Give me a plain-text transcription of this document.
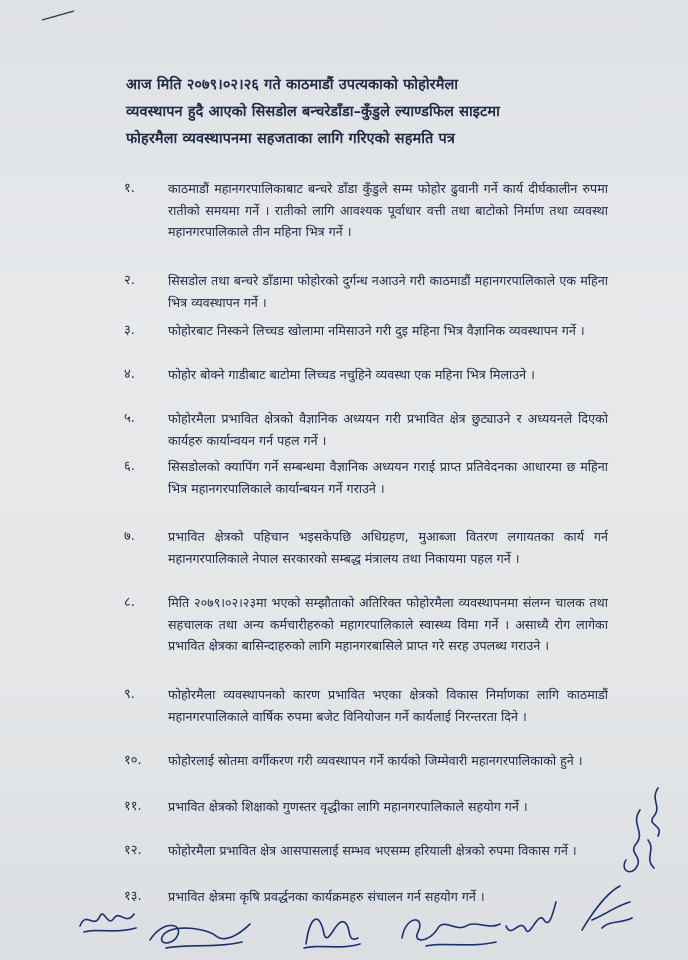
आज मिति २०७९।०२।२६ गते काठमाडौं उपत्यकाको फोहोरमैला
व्यवस्थापन हुदै आएको सिसडोल बन्चरेडाँडा–कुँडुले ल्याण्डफिल साइटमा
फोहरमैला व्यवस्थापनमा सहजताका लागि गरिएको सहमति पत्र
१.	काठमाडौं महानगरपालिकाबाट बन्चरे डाँडा कुँडुले सम्म फोहोर ढुवानी गर्ने कार्य दीर्घकालीन रुपमा रातीको समयमा गर्ने । रातीको लागि आवश्यक पूर्वाधार वत्ती तथा बाटोको निर्माण तथा व्यवस्था महानगरपालिकाले तीन महिना भित्र गर्ने ।
२.	सिसडोल तथा बन्चरे डाँडामा फोहोरको दुर्गन्ध नआउने गरी काठमाडौं महानगरपालिकाले एक महिना भित्र व्यवस्थापन गर्ने ।
३.	फोहोरबाट निस्कने लिच्चड खोलामा नमिसाउने गरी दुइ महिना भित्र वैज्ञानिक व्यवस्थापन गर्ने ।
४.	फोहोर बोक्ने गाडीबाट बाटोमा लिच्चड नचुहिने व्यवस्था एक महिना भित्र मिलाउने ।
५.	फोहोरमैला प्रभावित क्षेत्रको वैज्ञानिक अध्ययन गरी प्रभावित क्षेत्र छुट्याउने र अध्ययनले दिएको कार्यहरु कार्यान्वयन गर्न पहल गर्ने ।
६.	सिसडोलको क्यापिंग गर्ने सम्बन्धमा वैज्ञानिक अध्ययन गराई प्राप्त प्रतिवेदनका आधारमा छ महिना भित्र महानगरपालिकाले कार्यान्बयन गर्ने गराउने ।
७.	प्रभावित क्षेत्रको पहिचान भइसकेपछि अधिग्रहण, मुआब्जा वितरण लगायतका कार्य गर्न महानगरपालिकाले नेपाल सरकारको सम्बद्ध मंत्रालय तथा निकायमा पहल गर्ने ।
८.	मिति २०७९।०२।२३मा भएको सम्झौताको अतिरिक्त फोहोरमैला व्यवस्थापनमा संलग्न चालक तथा सहचालक तथा अन्य कर्मचारीहरुको महागरपालिकाले स्वास्थ्य विमा गर्ने । असाध्यै रोग लागेका प्रभावित क्षेत्रका बासिन्दाहरुको लागि महानगरबासिले प्राप्त गरे सरह उपलब्ध गराउने ।
९.	फोहोरमैला व्यवस्थापनको कारण प्रभावित भएका क्षेत्रको विकास निर्माणका लागि काठमाडौं महानगरपालिकाले वार्षिक रुपमा बजेट विनियोजन गर्ने कार्यलाई निरन्तरता दिने ।
१०.	फोहोरलाई स्रोतमा वर्गीकरण गरी व्यवस्थापन गर्ने कार्यको जिम्मेवारी महानगरपालिकाको हुने ।
११.	प्रभावित क्षेत्रको शिक्षाको गुणस्तर वृद्धीका लागि महानगरपालिकाले सहयोग गर्ने ।
१२.	फोहोरमैला प्रभावित क्षेत्र आसपासलाई सम्भव भएसम्म हरियाली क्षेत्रको रुपमा विकास गर्ने ।
१३.	प्रभावित क्षेत्रमा कृषि प्रवर्द्धनका कार्यक्रमहरु संचालन गर्न सहयोग गर्ने ।
